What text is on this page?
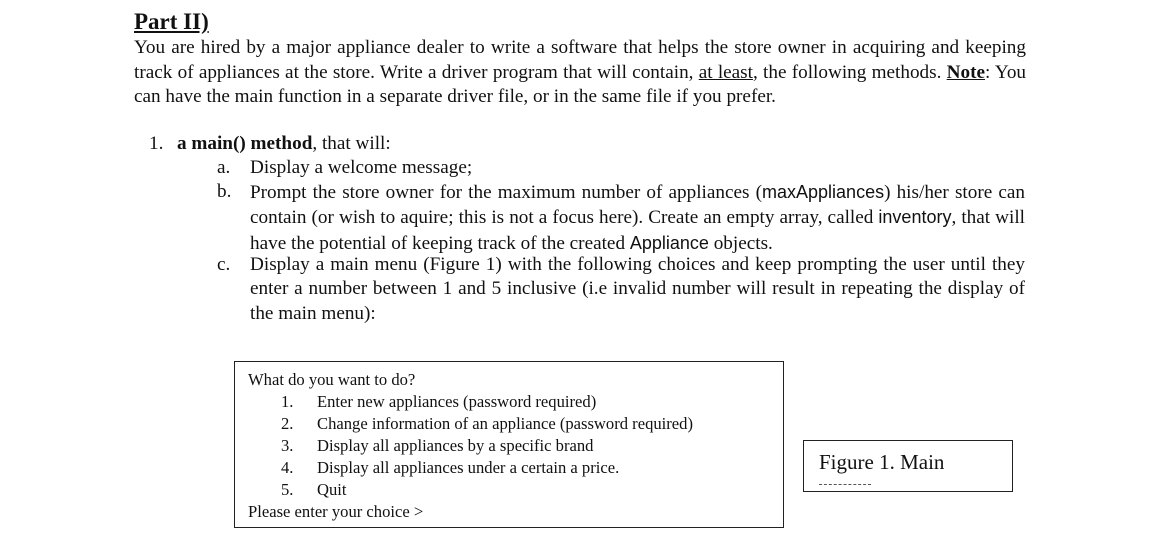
Part II)

You are hired by a major appliance dealer to write a software that helps the store owner in acquiring and keeping track of appliances at the store. Write a driver program that will contain, at least, the following methods. Note: You can have the main function in a separate driver file, or in the same file if you prefer.

1. a main() method, that will:

a.	Display a welcome message;
b. Prompt the store owner for the maximum number of appliances (maxAppliances) his/her store can contain (or wish to aquire; this is not a focus here). Create an empty array, called inventory, that will have the potential of keeping track of the created Appliance objects.
c.	Display a main menu (Figure 1) with the following choices and keep prompting the user until they enter a number between 1 and 5 inclusive (i.e invalid number will result in repeating the display of the main menu):

What do you want to do?

1. Enter new appliances (password required)
2. Change information of an appliance (password required)
3. Display all appliances by a specific brand
4. Display all appliances under a certain a price.
5. Quit

Please enter your choice >

Figure 1. Main
